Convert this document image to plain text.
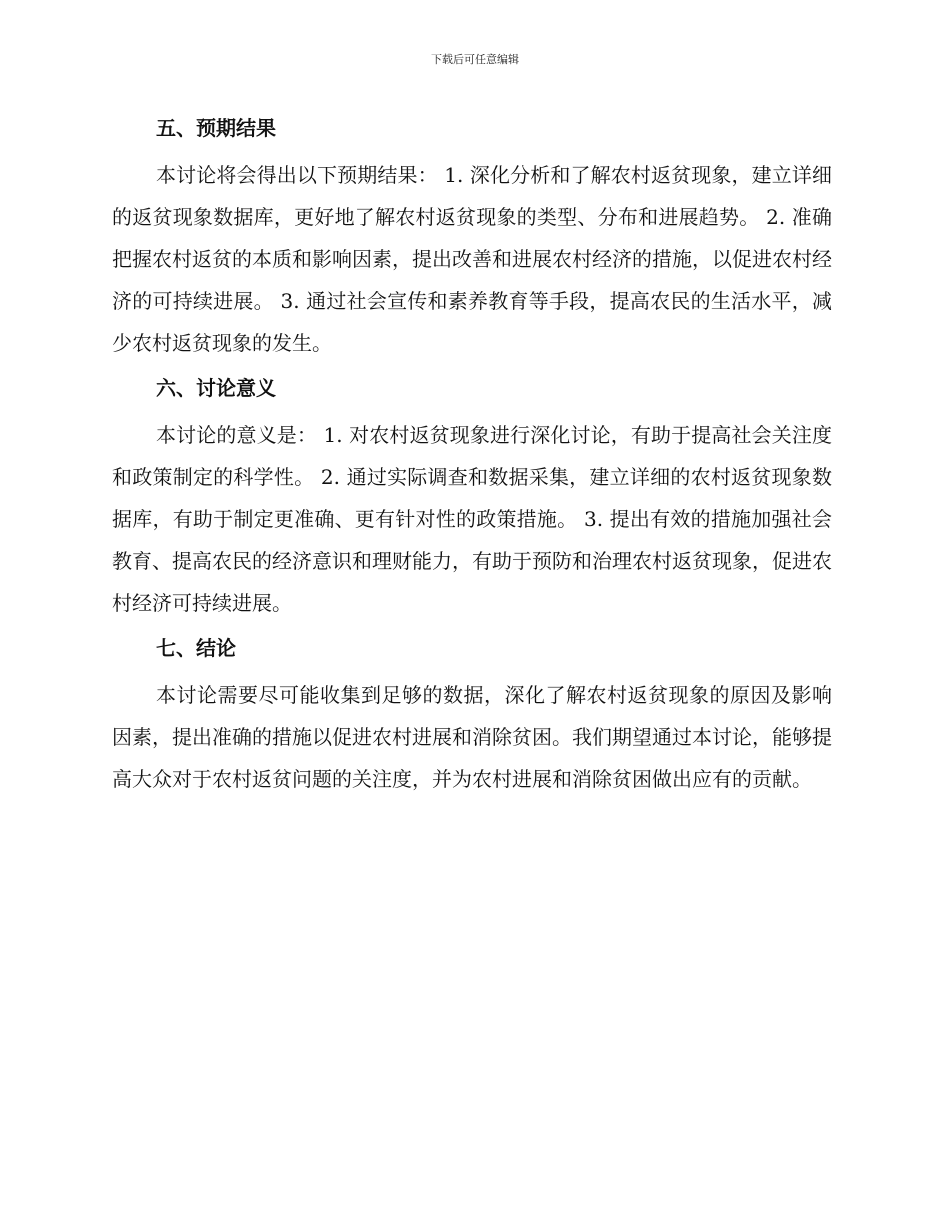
下载后可任意编辑
五、预期结果

本讨论将会得出以下预期结果： 1. 深化分析和了解农村返贫现象，建立详细的返贫现象数据库，更好地了解农村返贫现象的类型、分布和进展趋势。 2. 准确把握农村返贫的本质和影响因素，提出改善和进展农村经济的措施，以促进农村经济的可持续进展。 3. 通过社会宣传和素养教育等手段，提高农民的生活水平，减少农村返贫现象的发生。

六、讨论意义

本讨论的意义是： 1. 对农村返贫现象进行深化讨论，有助于提高社会关注度和政策制定的科学性。 2. 通过实际调查和数据采集，建立详细的农村返贫现象数据库，有助于制定更准确、更有针对性的政策措施。 3. 提出有效的措施加强社会教育、提高农民的经济意识和理财能力，有助于预防和治理农村返贫现象，促进农村经济可持续进展。

七、结论

本讨论需要尽可能收集到足够的数据，深化了解农村返贫现象的原因及影响因素，提出准确的措施以促进农村进展和消除贫困。我们期望通过本讨论，能够提高大众对于农村返贫问题的关注度，并为农村进展和消除贫困做出应有的贡献。
